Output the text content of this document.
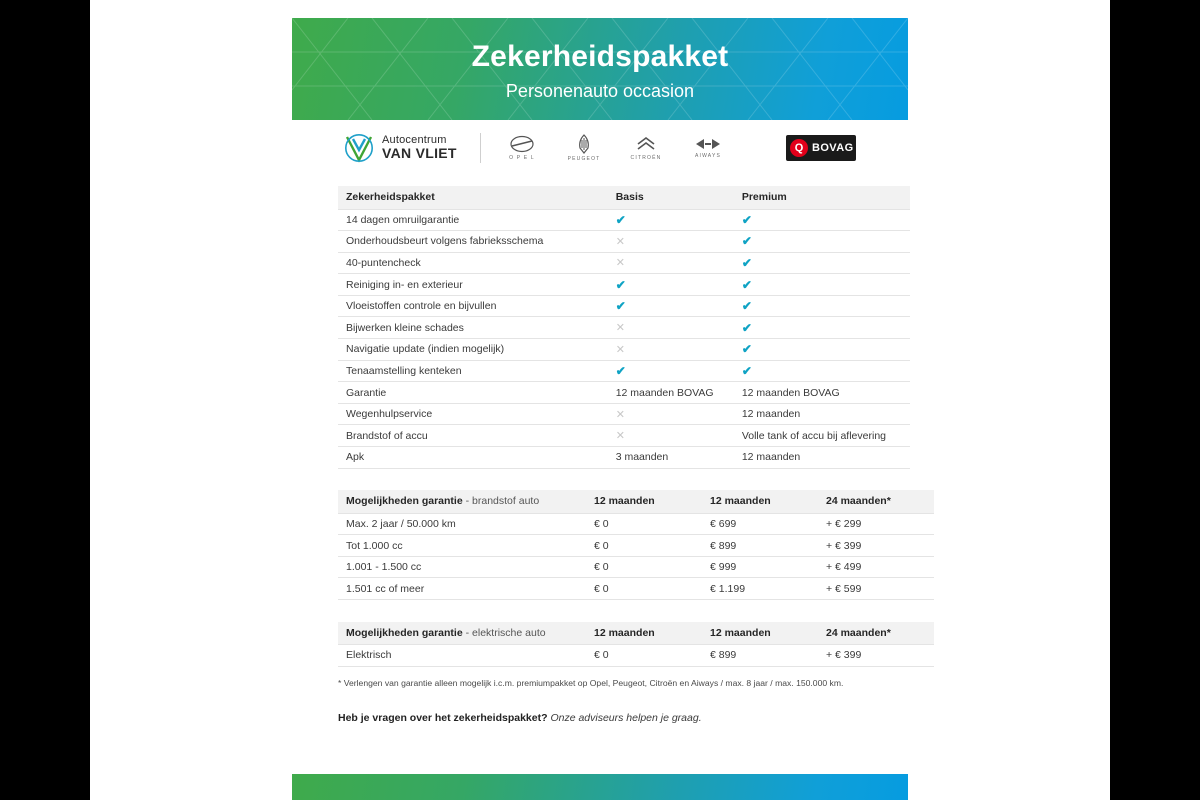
Zekerheidspakket
Personenauto occasion
Autocentrum
VAN VLIET	O P E L	PEUGEOT	CITROËN	AIWAYS
Q BOVAG
Zekerheidspakket	Basis	Premium
14 dagen omruilgarantie	✔	✔
Onderhoudsbeurt volgens fabrieksschema	✕	✔
40-puntencheck	✕	✔
Reiniging in- en exterieur	✔	✔
Vloeistoffen controle en bijvullen	✔	✔
Bijwerken kleine schades	✕	✔
Navigatie update (indien mogelijk)	✕	✔
Tenaamstelling kenteken	✔	✔
Garantie	12 maanden BOVAG	12 maanden BOVAG
Wegenhulpservice	✕	12 maanden
Brandstof of accu	✕	Volle tank of accu bij aflevering
Apk	3 maanden	12 maanden

Mogelijkheden garantie - brandstof auto	12 maanden	12 maanden	24 maanden*
Max. 2 jaar / 50.000 km	€ 0	€ 699	+ € 299
Tot 1.000 cc	€ 0	€ 899	+ € 399
1.001 - 1.500 cc	€ 0	€ 999	+ € 499
1.501 cc of meer	€ 0	€ 1.199	+ € 599

Mogelijkheden garantie - elektrische auto	12 maanden	12 maanden	24 maanden*
Elektrisch	€ 0	€ 899	+ € 399
* Verlengen van garantie alleen mogelijk i.c.m. premiumpakket op Opel, Peugeot, Citroën en Aiways / max. 8 jaar / max. 150.000 km.
Heb je vragen over het zekerheidspakket? Onze adviseurs helpen je graag.
